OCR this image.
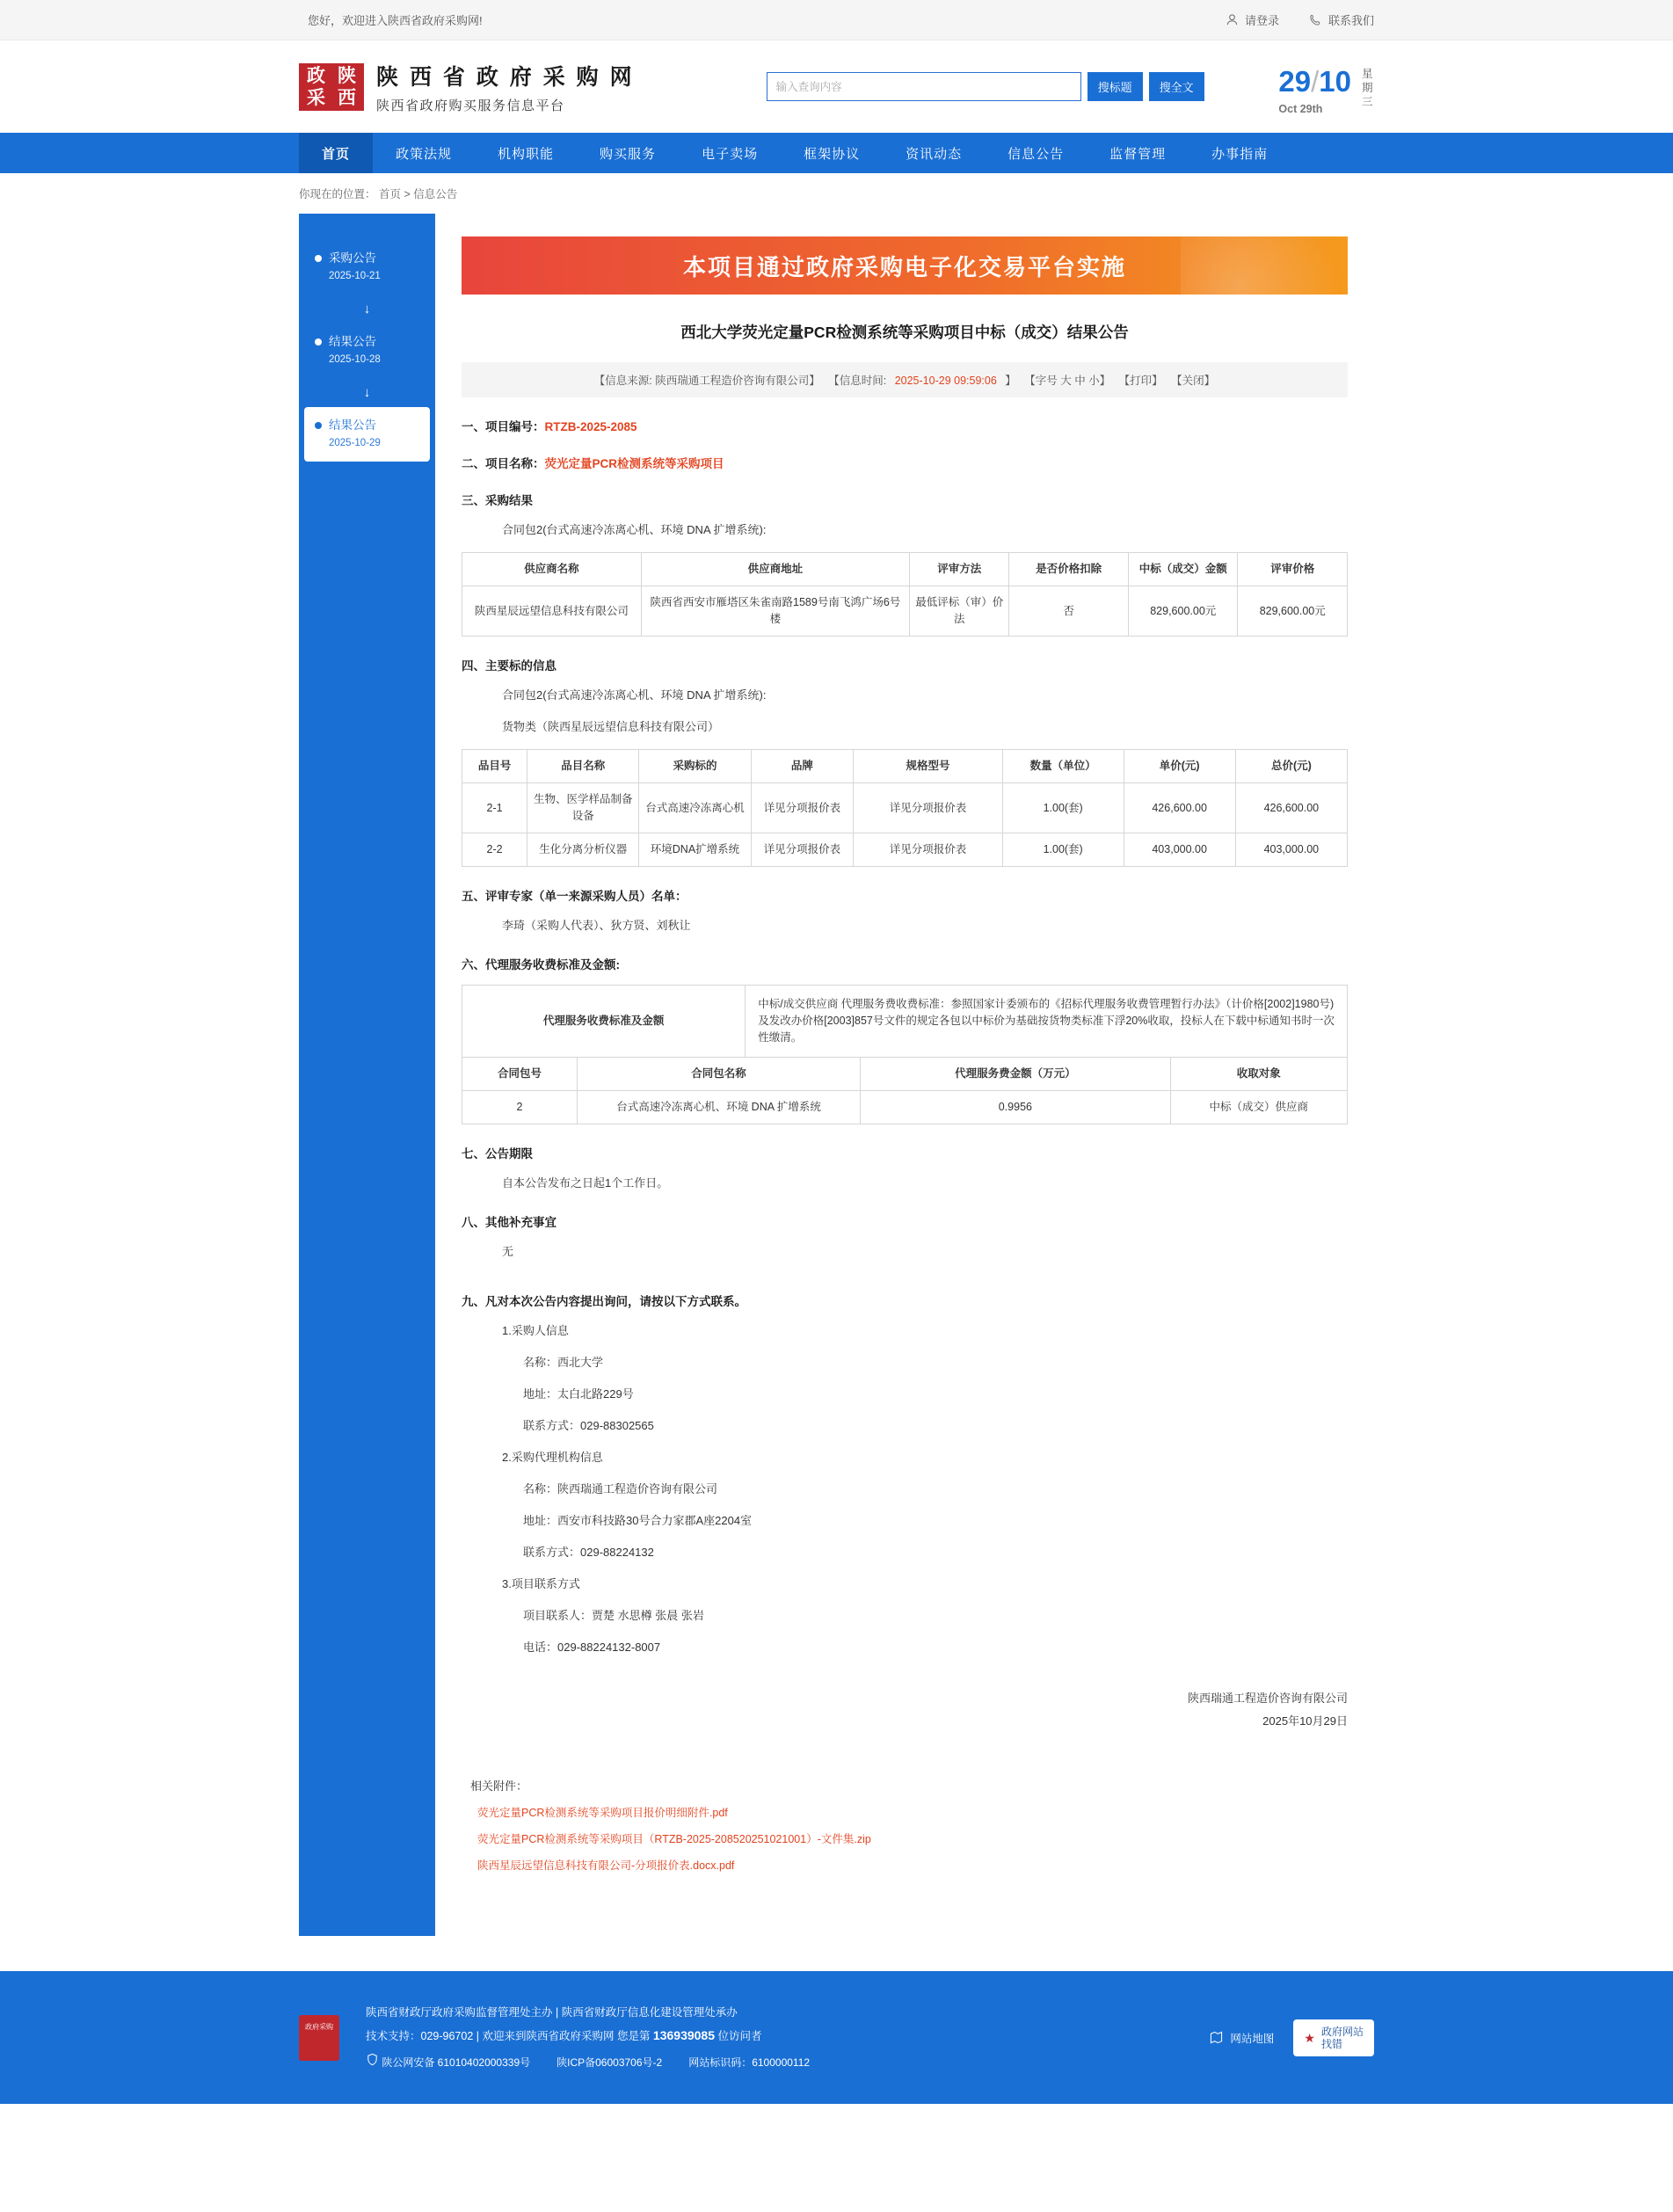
您好，欢迎进入陕西省政府采购网!	请登录	联系我们
政 陕
采 西
陕 西 省 政 府 采 购 网
陕西省政府购买服务信息平台
输入查询内容
搜标题	搜全文	29/10
Oct 29th
星期三
首页	政策法规	机构职能	购买服务	电子卖场	框架协议	资讯动态	信息公告	监督管理	办事指南
你现在的位置： 首页 > 信息公告
采购公告
2025-10-21
↓
结果公告
2025-10-28
↓
结果公告
2025-10-29
本项目通过政府采购电子化交易平台实施
西北大学荧光定量PCR检测系统等采购项目中标（成交）结果公告
【信息来源: 陕西瑞通工程造价咨询有限公司】 【信息时间: 2025-10-29 09:59:06 】 【字号 大 中 小】 【打印】 【关闭】
一、项目编号：RTZB-2025-2085
二、项目名称：荧光定量PCR检测系统等采购项目
三、采购结果
合同包2(台式高速冷冻离心机、环境 DNA 扩增系统):
供应商名称	供应商地址	评审方法	是否价格扣除	中标（成交）金额	评审价格
陕西星辰远望信息科技有限公司	陕西省西安市雁塔区朱雀南路1589号南飞鸿广场6号楼	最低评标（审）价法	否	829,600.00元	829,600.00元
四、主要标的信息
合同包2(台式高速冷冻离心机、环境 DNA 扩增系统):
货物类（陕西星辰远望信息科技有限公司）
品目号	品目名称	采购标的	品牌	规格型号	数量（单位）	单价(元)	总价(元)
2-1	生物、医学样品制备设备	台式高速冷冻离心机	详见分项报价表	详见分项报价表	1.00(套)	426,600.00	426,600.00
2-2	生化分离分析仪器	环境DNA扩增系统	详见分项报价表	详见分项报价表	1.00(套)	403,000.00	403,000.00
五、评审专家（单一来源采购人员）名单：
李琦（采购人代表）、狄方贤、刘秋让
六、代理服务收费标准及金额:
代理服务收费标准及金额	中标/成交供应商 代理服务费收费标准：参照国家计委颁布的《招标代理服务收费管理暂行办法》（计价格[2002]1980号)及发改办价格[2003]857号文件的规定各包以中标价为基础按货物类标准下浮20%收取，投标人在下载中标通知书时一次性缴清。
合同包号	合同包名称	代理服务费金额（万元）	收取对象
2	台式高速冷冻离心机、环境 DNA 扩增系统	0.9956	中标（成交）供应商
七、公告期限
自本公告发布之日起1个工作日。
八、其他补充事宜
无
九、凡对本次公告内容提出询问，请按以下方式联系。
1.采购人信息
名称：西北大学
地址：太白北路229号
联系方式：029-88302565
2.采购代理机构信息
名称：陕西瑞通工程造价咨询有限公司
地址：西安市科技路30号合力家郡A座2204室
联系方式：029-88224132
3.项目联系方式
项目联系人：贾楚 水思樽 张晨 张岩
电话：029-88224132-8007
陕西瑞通工程造价咨询有限公司
2025年10月29日
相关附件：
荧光定量PCR检测系统等采购项目报价明细附件.pdf
荧光定量PCR检测系统等采购项目（RTZB-2025-208520251021001）-文件集.zip
陕西星辰远望信息科技有限公司-分项报价表.docx.pdf
政府采购
陕西省财政厅政府采购监督管理处主办 | 陕西省财政厅信息化建设管理处承办
技术支持：029-96702 | 欢迎来到陕西省政府采购网 您是第 136939085 位访问者
陕公网安备 61010402000339号	陕ICP备06003706号-2	网站标识码：6100000112
网站地图 ★ 政府网站
找错
